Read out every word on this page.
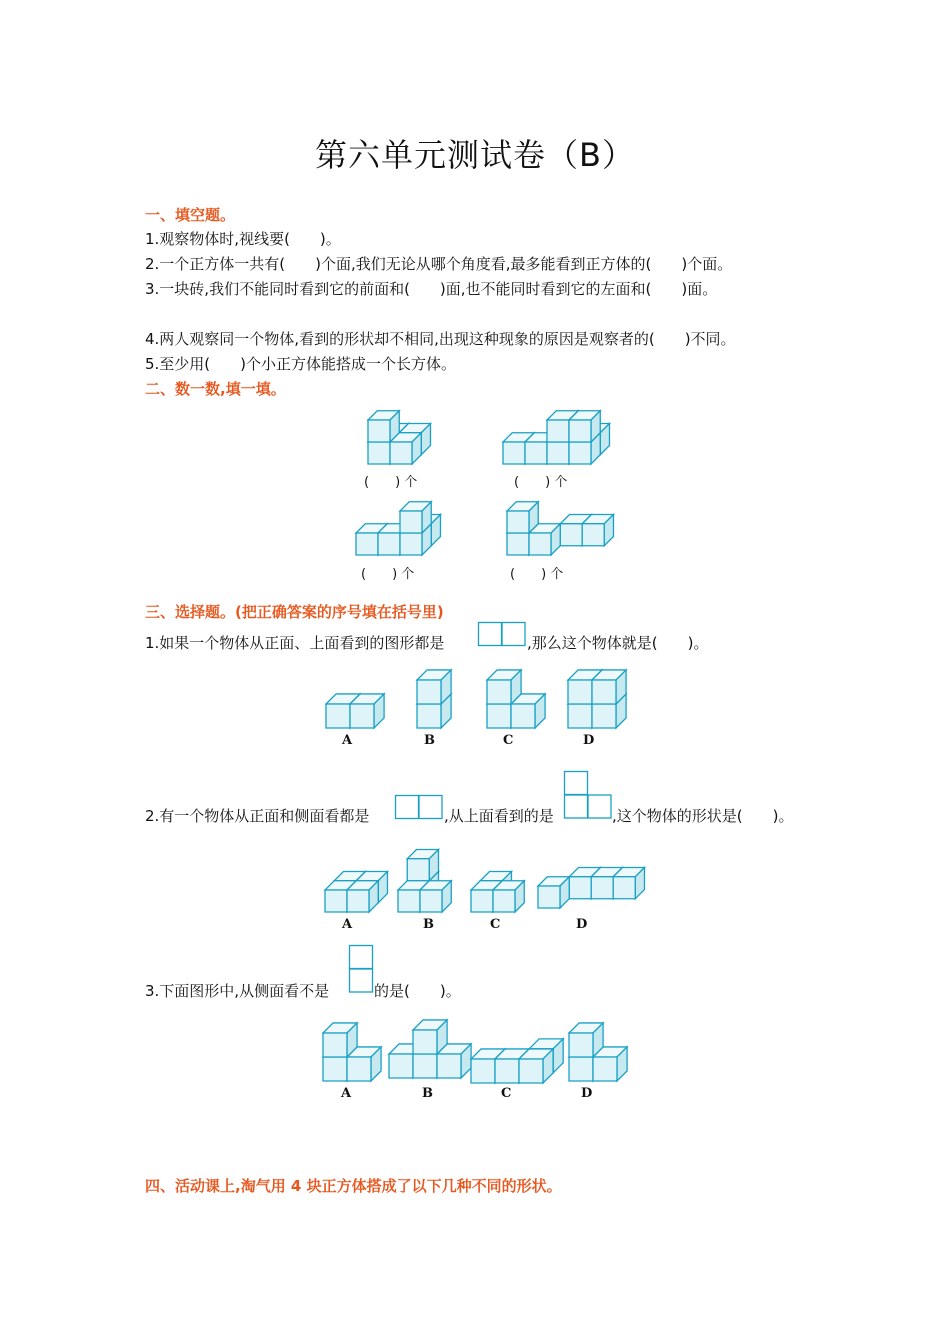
第六单元测试卷（B）
一、填空题。
1.观察物体时,视线要(　　)。
2.一个正方体一共有(　　)个面,我们无论从哪个角度看,最多能看到正方体的(　　)个面。
3.一块砖,我们不能同时看到它的前面和(　　)面,也不能同时看到它的左面和(　　)面。
4.两人观察同一个物体,看到的形状却不相同,出现这种现象的原因是观察者的(　　)不同。
5.至少用(　　)个小正方体能搭成一个长方体。
二、数一数,填一填。
(　　) 个	(　　) 个
(　　) 个	(　　) 个
三、选择题。(把正确答案的序号填在括号里)
1.如果一个物体从正面、上面看到的图形都是	,那么这个物体就是(　　)。
A	B	C	D
2.有一个物体从正面和侧面看都是	,从上面看到的是	,这个物体的形状是(　　)。
A	B	C	D
3.下面图形中,从侧面看不是	的是(　　)。
A	B	C	D
四、活动课上,淘气用 4 块正方体搭成了以下几种不同的形状。
